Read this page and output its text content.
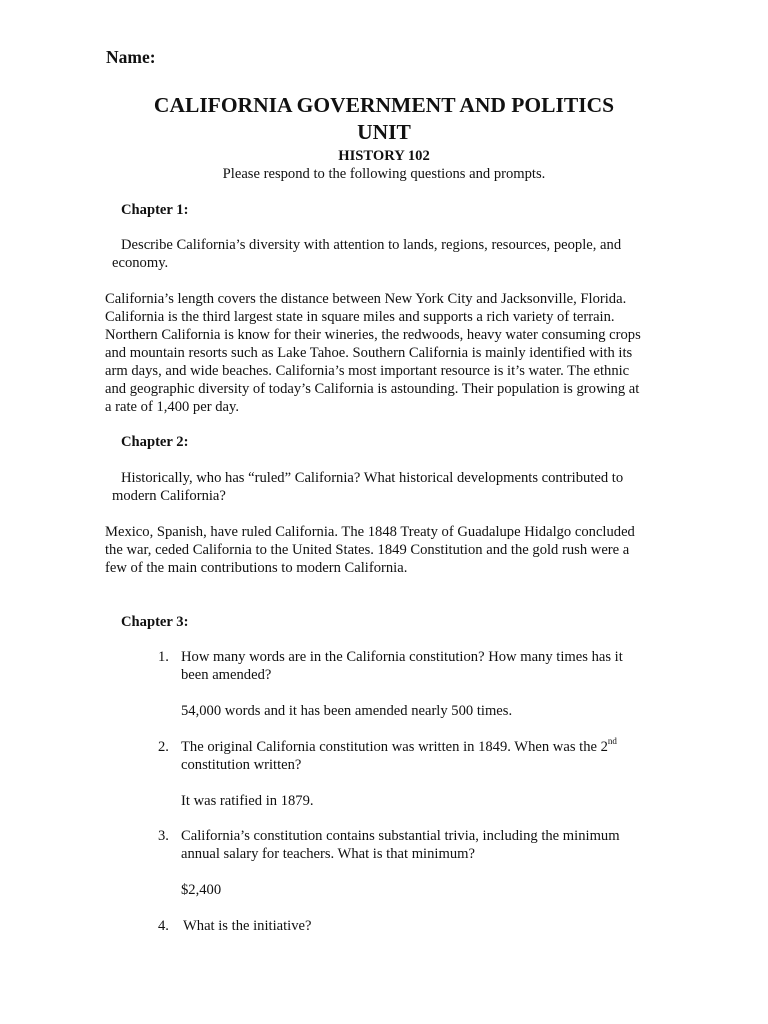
Name:

CALIFORNIA GOVERNMENT AND POLITICS

UNIT

HISTORY 102

Please respond to the following questions and prompts.

Chapter 1:

Describe California’s diversity with attention to lands, regions, resources, people, and

economy.

California’s length covers the distance between New York City and Jacksonville, Florida.

California is the third largest state in square miles and supports a rich variety of terrain.

Northern California is know for their wineries, the redwoods, heavy water consuming crops

and mountain resorts such as Lake Tahoe. Southern California is mainly identified with its

arm days, and wide beaches. California’s most important resource is it’s water. The ethnic

and geographic diversity of today’s California is astounding. Their population is growing at

a rate of 1,400 per day.

Chapter 2:

Historically, who has “ruled” California? What historical developments contributed to

modern California?

Mexico, Spanish, have ruled California. The 1848 Treaty of Guadalupe Hidalgo concluded

the war, ceded California to the United States. 1849 Constitution and the gold rush were a

few of the main contributions to modern California.

Chapter 3:

1. How many words are in the California constitution? How many times has it

been amended?

54,000 words and it has been amended nearly 500 times.

2. The original California constitution was written in 1849. When was the 2nd

constitution written?

It was ratified in 1879.

3. California’s constitution contains substantial trivia, including the minimum

annual salary for teachers. What is that minimum?

$2,400

4. What is the initiative?
